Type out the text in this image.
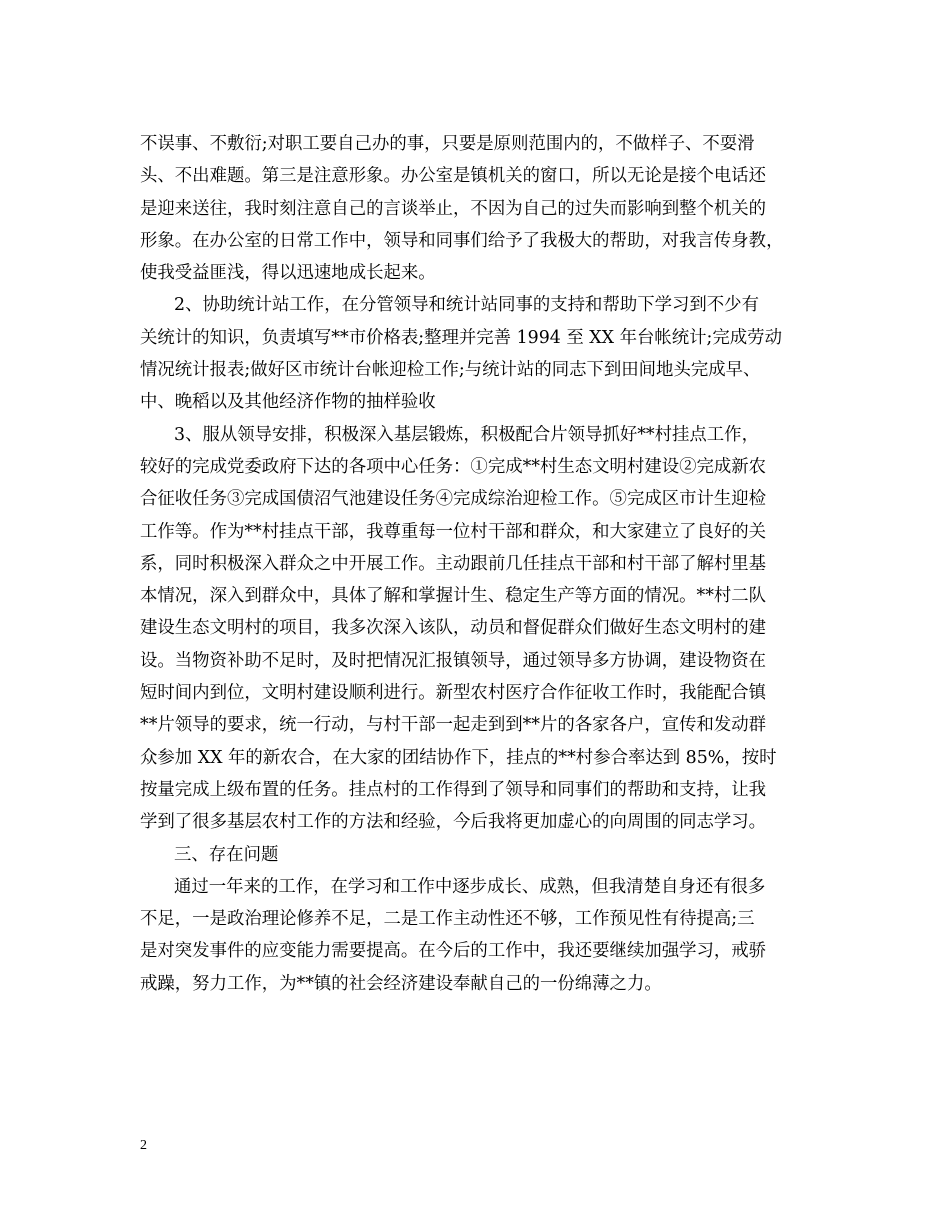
不误事、不敷衍;对职工要自己办的事，只要是原则范围内的，不做样子、不耍滑
头、不出难题。第三是注意形象。办公室是镇机关的窗口，所以无论是接个电话还
是迎来送往，我时刻注意自己的言谈举止，不因为自己的过失而影响到整个机关的
形象。在办公室的日常工作中，领导和同事们给予了我极大的帮助，对我言传身教，
使我受益匪浅，得以迅速地成长起来。
2、协助统计站工作，在分管领导和统计站同事的支持和帮助下学习到不少有
关统计的知识，负责填写**市价格表;整理并完善 1994 至 XX 年台帐统计;完成劳动
情况统计报表;做好区市统计台帐迎检工作;与统计站的同志下到田间地头完成早、
中、晚稻以及其他经济作物的抽样验收
3、服从领导安排，积极深入基层锻炼，积极配合片领导抓好**村挂点工作，
较好的完成党委政府下达的各项中心任务：①完成**村生态文明村建设②完成新农
合征收任务③完成国债沼气池建设任务④完成综治迎检工作。⑤完成区市计生迎检
工作等。作为**村挂点干部，我尊重每一位村干部和群众，和大家建立了良好的关
系，同时积极深入群众之中开展工作。主动跟前几任挂点干部和村干部了解村里基
本情况，深入到群众中，具体了解和掌握计生、稳定生产等方面的情况。**村二队
建设生态文明村的项目，我多次深入该队，动员和督促群众们做好生态文明村的建
设。当物资补助不足时，及时把情况汇报镇领导，通过领导多方协调，建设物资在
短时间内到位，文明村建设顺利进行。新型农村医疗合作征收工作时，我能配合镇
**片领导的要求，统一行动，与村干部一起走到到**片的各家各户，宣传和发动群
众参加 XX 年的新农合，在大家的团结协作下，挂点的**村参合率达到 85%，按时
按量完成上级布置的任务。挂点村的工作得到了领导和同事们的帮助和支持，让我
学到了很多基层农村工作的方法和经验，今后我将更加虚心的向周围的同志学习。
三、存在问题
通过一年来的工作，在学习和工作中逐步成长、成熟，但我清楚自身还有很多
不足，一是政治理论修养不足，二是工作主动性还不够，工作预见性有待提高;三
是对突发事件的应变能力需要提高。在今后的工作中，我还要继续加强学习，戒骄
戒躁，努力工作，为**镇的社会经济建设奉献自己的一份绵薄之力。
2
